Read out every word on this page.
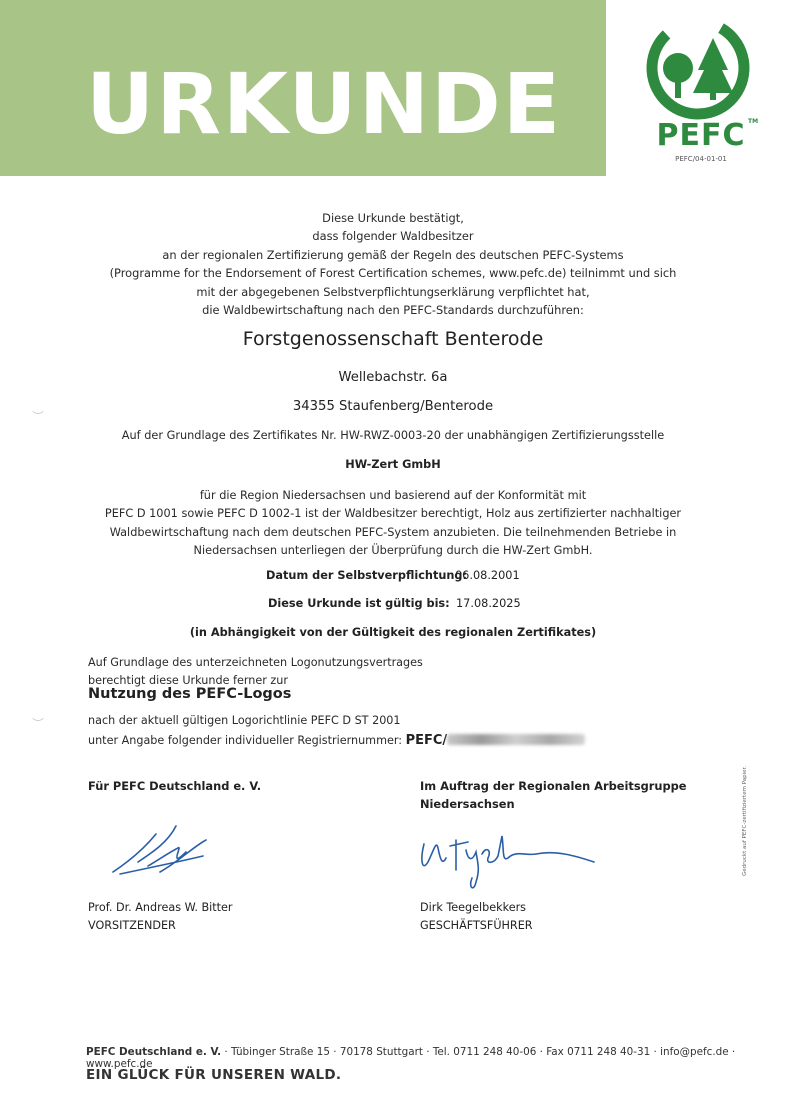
URKUNDE	PEFC TM
PEFC/04-01-01
Diese Urkunde bestätigt,
dass folgender Waldbesitzer
an der regionalen Zertifizierung gemäß der Regeln des deutschen PEFC-Systems
(Programme for the Endorsement of Forest Certification schemes, www.pefc.de) teilnimmt und sich
mit der abgegebenen Selbstverpflichtungserklärung verpflichtet hat,
die Waldbewirtschaftung nach den PEFC-Standards durchzuführen:
Forstgenossenschaft Benterode
Wellebachstr. 6a
34355 Staufenberg/Benterode
Auf der Grundlage des Zertifikates Nr. HW-RWZ-0003-20 der unabhängigen Zertifizierungsstelle
HW-Zert GmbH
für die Region Niedersachsen und basierend auf der Konformität mit
PEFC D 1001 sowie PEFC D 1002-1 ist der Waldbesitzer berechtigt, Holz aus zertifizierter nachhaltiger
Waldbewirtschaftung nach dem deutschen PEFC-System anzubieten. Die teilnehmenden Betriebe in
Niedersachsen unterliegen der Überprüfung durch die HW-Zert GmbH.
Datum der Selbstverpflichtung:
06.08.2001
Diese Urkunde ist gültig bis: 17.08.2025
(in Abhängigkeit von der Gültigkeit des regionalen Zertifikates)
Auf Grundlage des unterzeichneten Logonutzungsvertrages
berechtigt diese Urkunde ferner zur
Nutzung des PEFC-Logos
nach der aktuell gültigen Logorichtlinie PEFC D ST 2001
unter Angabe folgender individueller Registriernummer: PEFC/
Für PEFC Deutschland e. V.	Im Auftrag der Regionalen Arbeitsgruppe
Niedersachsen
Prof. Dr. Andreas W. Bitter
VORSITZENDER
Dirk Teegelbekkers
GESCHÄFTSFÜHRER
Gedruckt auf PEFC-zertifiziertem Papier.
PEFC Deutschland e. V. · Tübinger Straße 15 · 70178 Stuttgart · Tel. 0711 248 40-06 · Fax 0711 248 40-31 · info@pefc.de · www.pefc.de
EIN GLÜCK FÜR UNSEREN WALD.
